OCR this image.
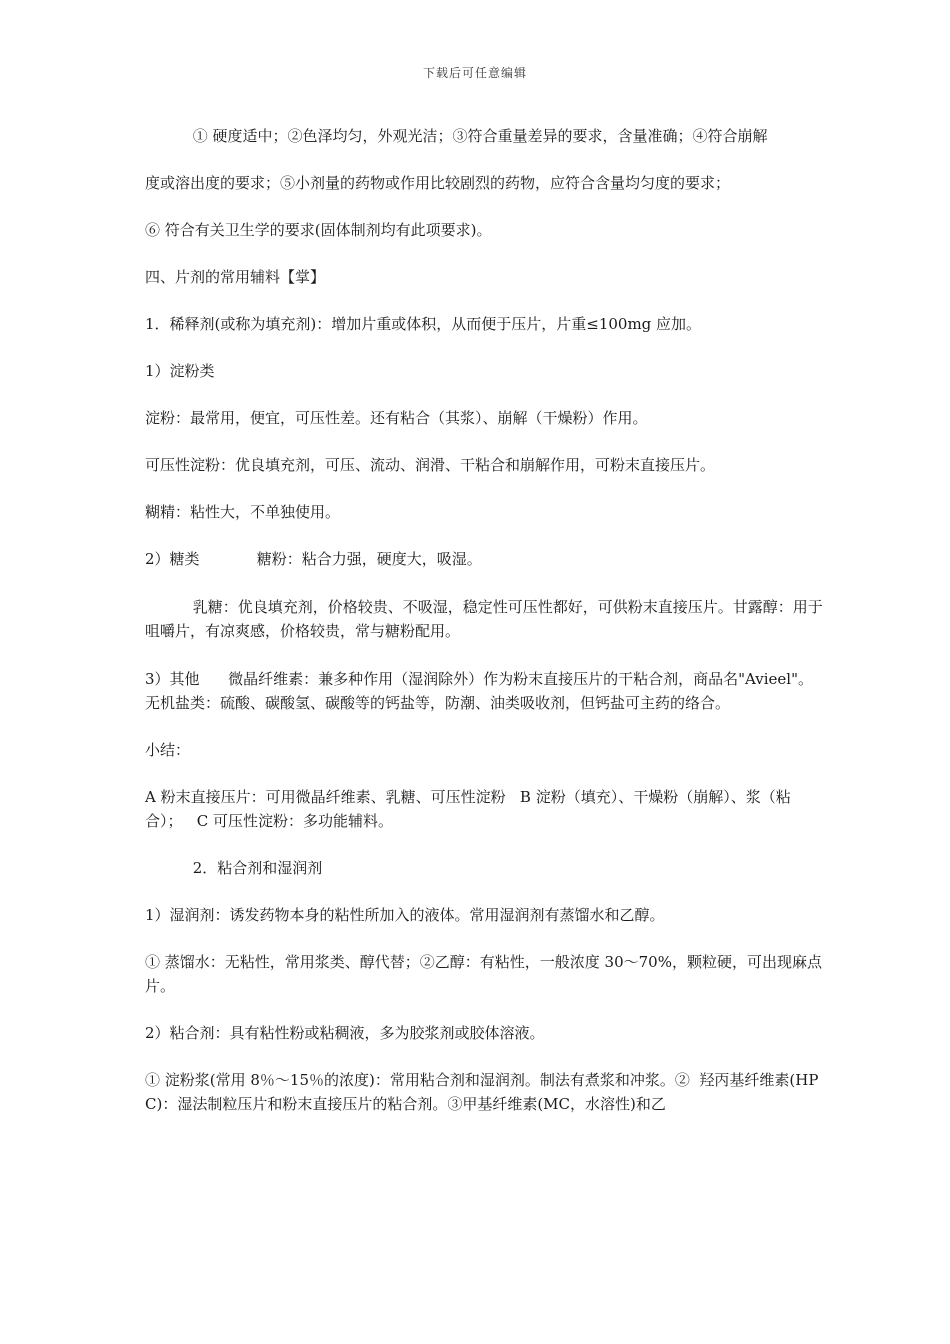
下载后可任意编辑

① 硬度适中；②色泽均匀，外观光洁；③符合重量差异的要求，含量准确；④符合崩解

度或溶出度的要求；⑤小剂量的药物或作用比较剧烈的药物，应符合含量均匀度的要求；

⑥ 符合有关卫生学的要求(固体制剂均有此项要求)。

四、片剂的常用辅料【掌】

1．稀释剂(或称为填充剂)：增加片重或体积，从而便于压片，片重≤100mg 应加。

1）淀粉类

淀粉：最常用，便宜，可压性差。还有粘合（其浆）、崩解（干燥粉）作用。

可压性淀粉：优良填充剂，可压、流动、润滑、干粘合和崩解作用，可粉末直接压片。

糊精：粘性大，不单独使用。

2）糖类            糖粉：粘合力强，硬度大，吸湿。

乳糖：优良填充剂，价格较贵、不吸湿，稳定性可压性都好，可供粉末直接压片。甘露醇：用于咀嚼片，有凉爽感，价格较贵，常与糖粉配用。

3）其他      微晶纤维素：兼多种作用（湿润除外）作为粉末直接压片的干粘合剂，商品名"Avieel"。          无机盐类：硫酸、碳酸氢、碳酸等的钙盐等，防潮、油类吸收剂，但钙盐可主药的络合。

小结：

A 粉末直接压片：可用微晶纤维素、乳糖、可压性淀粉   B 淀粉（填充）、干燥粉（崩解）、浆（粘合）；   C 可压性淀粉：多功能辅料。

2．粘合剂和湿润剂

1）湿润剂：诱发药物本身的粘性所加入的液体。常用湿润剂有蒸馏水和乙醇。

① 蒸馏水：无粘性，常用浆类、醇代替；②乙醇：有粘性，一般浓度 30～70%，颗粒硬，可出现麻点片。

2）粘合剂：具有粘性粉或粘稠液，多为胶浆剂或胶体溶液。

① 淀粉浆(常用 8％～15％的浓度)：常用粘合剂和湿润剂。制法有煮浆和冲浆。②  羟丙基纤维素(HPC)：湿法制粒压片和粉末直接压片的粘合剂。③甲基纤维素(MC，水溶性)和乙
